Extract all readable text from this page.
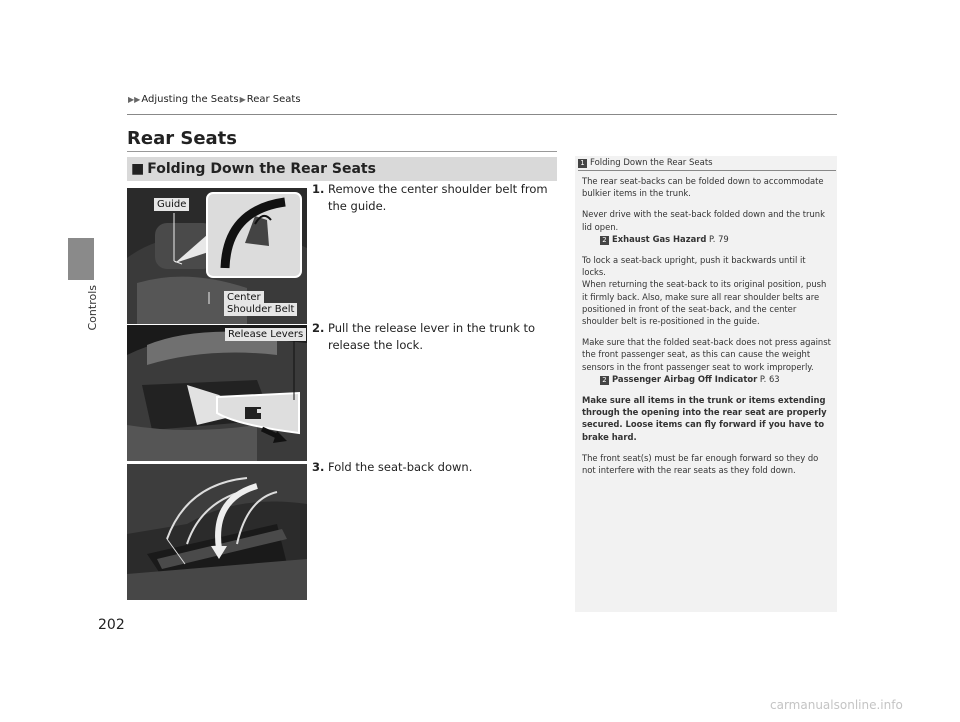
Controls
▶▶ Adjusting the Seats ▶ Rear Seats
Rear Seats
■ Folding Down the Rear Seats
Guide
Center
Shoulder Belt
Release Levers
1. Remove the center shoulder belt from the guide.
2. Pull the release lever in the trunk to release the lock.
3. Fold the seat-back down.
1 Folding Down the Rear Seats

The rear seat-backs can be folded down to accommodate bulkier items in the trunk.

Never drive with the seat-back folded down and the trunk lid open.
2 Exhaust Gas Hazard P. 79

To lock a seat-back upright, push it backwards until it locks.

When returning the seat-back to its original position, push it firmly back. Also, make sure all rear shoulder belts are positioned in front of the seat-back, and the center shoulder belt is re-positioned in the guide.

Make sure that the folded seat-back does not press against the front passenger seat, as this can cause the weight sensors in the front passenger seat to work improperly.
2 Passenger Airbag Off Indicator P. 63

Make sure all items in the trunk or items extending through the opening into the rear seat are properly secured. Loose items can fly forward if you have to brake hard.

The front seat(s) must be far enough forward so they do not interfere with the rear seats as they fold down.

202
carmanualsonline.info
